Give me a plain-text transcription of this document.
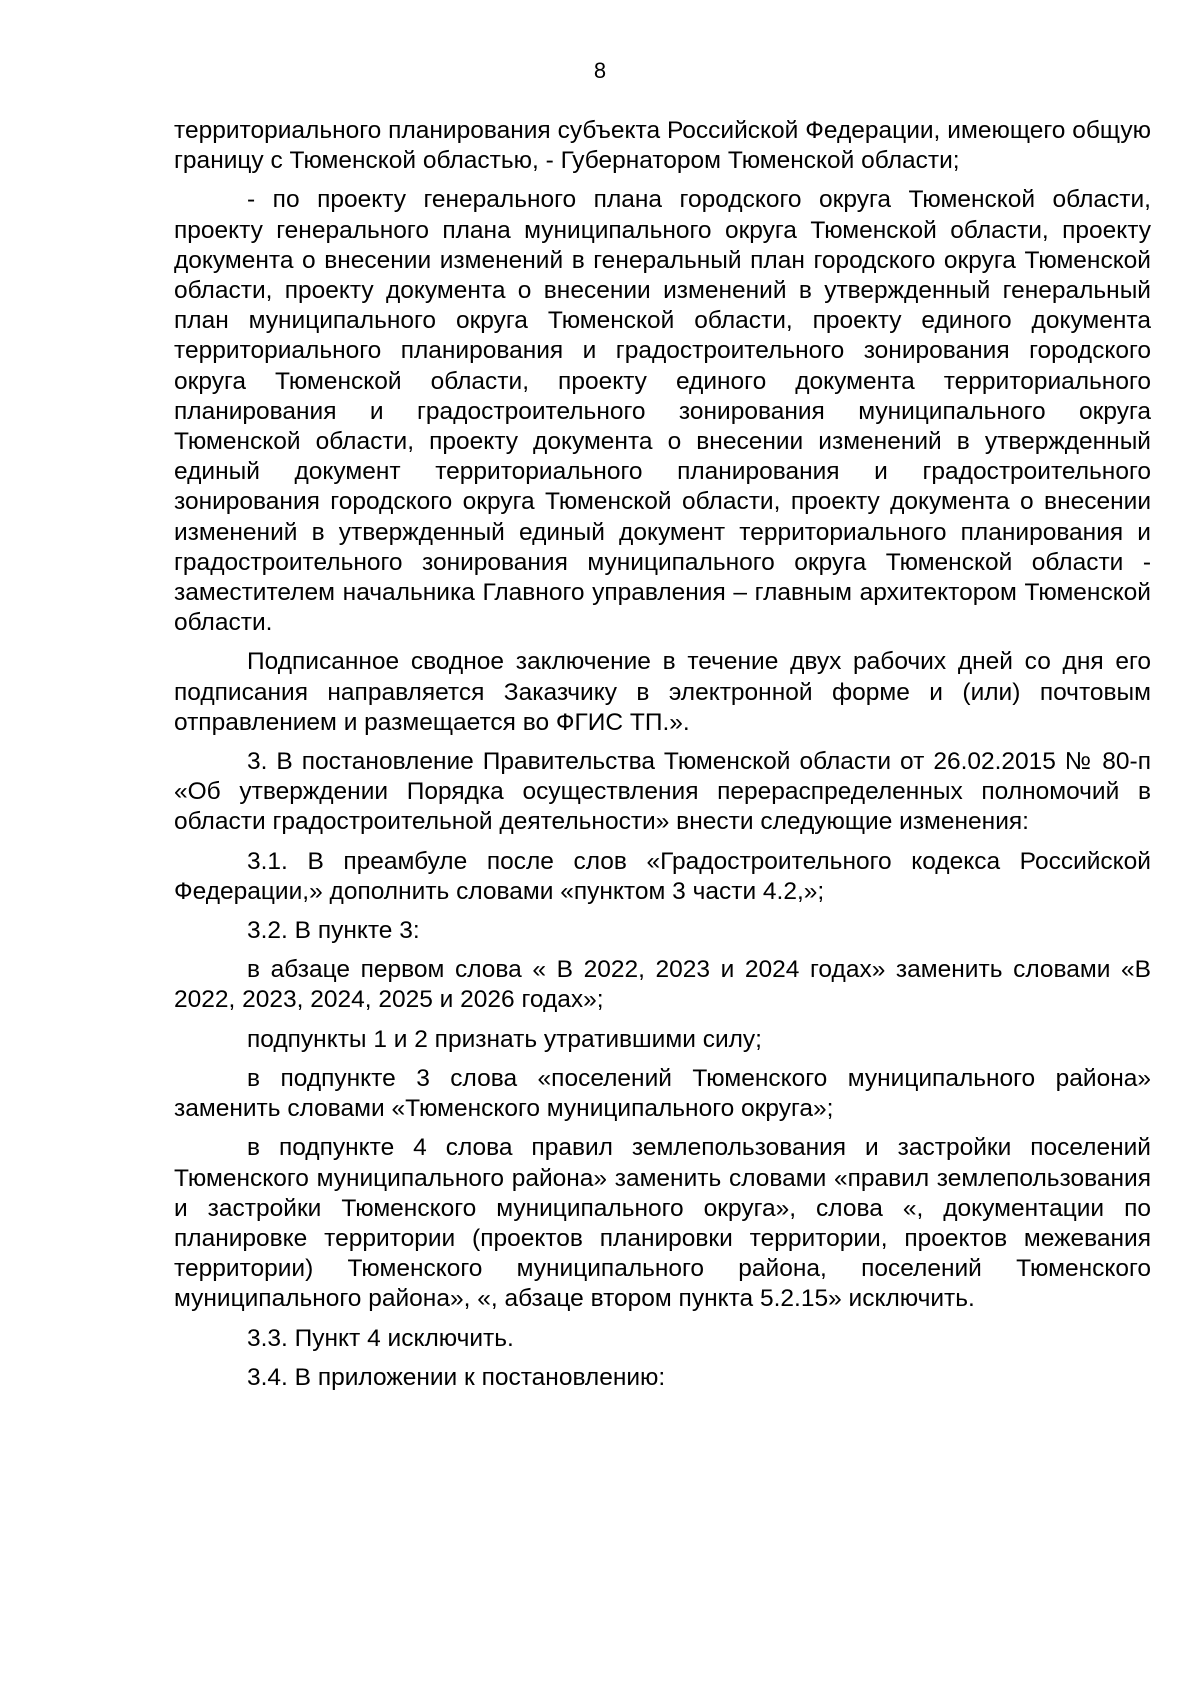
8

территориального планирования субъекта Российской Федерации, имеющего общую границу с Тюменской областью, - Губернатором Тюменской области;

- по проекту генерального плана городского округа Тюменской области, проекту генерального плана муниципального округа Тюменской области, проекту документа о внесении изменений в генеральный план городского округа Тюменской области, проекту документа о внесении изменений в утвержденный генеральный план муниципального округа Тюменской области, проекту единого документа территориального планирования и градостроительного зонирования городского округа Тюменской области, проекту единого документа территориального планирования и градостроительного зонирования муниципального округа Тюменской области, проекту документа о внесении изменений в утвержденный единый документ территориального планирования и градостроительного зонирования городского округа Тюменской области, проекту документа о внесении изменений в утвержденный единый документ территориального планирования и градостроительного зонирования муниципального округа Тюменской области - заместителем начальника Главного управления – главным архитектором Тюменской области.

Подписанное сводное заключение в течение двух рабочих дней со дня его подписания направляется Заказчику в электронной форме и (или) почтовым отправлением и размещается во ФГИС ТП.».

3. В постановление Правительства Тюменской области от 26.02.2015 № 80-п «Об утверждении Порядка осуществления перераспределенных полномочий в области градостроительной деятельности» внести следующие изменения:

3.1. В преамбуле после слов «Градостроительного кодекса Российской Федерации,» дополнить словами «пунктом 3 части 4.2,»;

3.2. В пункте 3:

в абзаце первом слова « В 2022, 2023 и 2024 годах» заменить словами «В 2022, 2023, 2024, 2025 и 2026 годах»;

подпункты 1 и 2 признать утратившими силу;

в подпункте 3 слова «поселений Тюменского муниципального района» заменить словами «Тюменского муниципального округа»;

в подпункте 4 слова правил землепользования и застройки поселений Тюменского муниципального района» заменить словами «правил землепользования и застройки Тюменского муниципального округа», слова «, документации по планировке территории (проектов планировки территории, проектов межевания территории) Тюменского муниципального района, поселений Тюменского муниципального района», «, абзаце втором пункта 5.2.15» исключить.

3.3. Пункт 4 исключить.

3.4. В приложении к постановлению:
